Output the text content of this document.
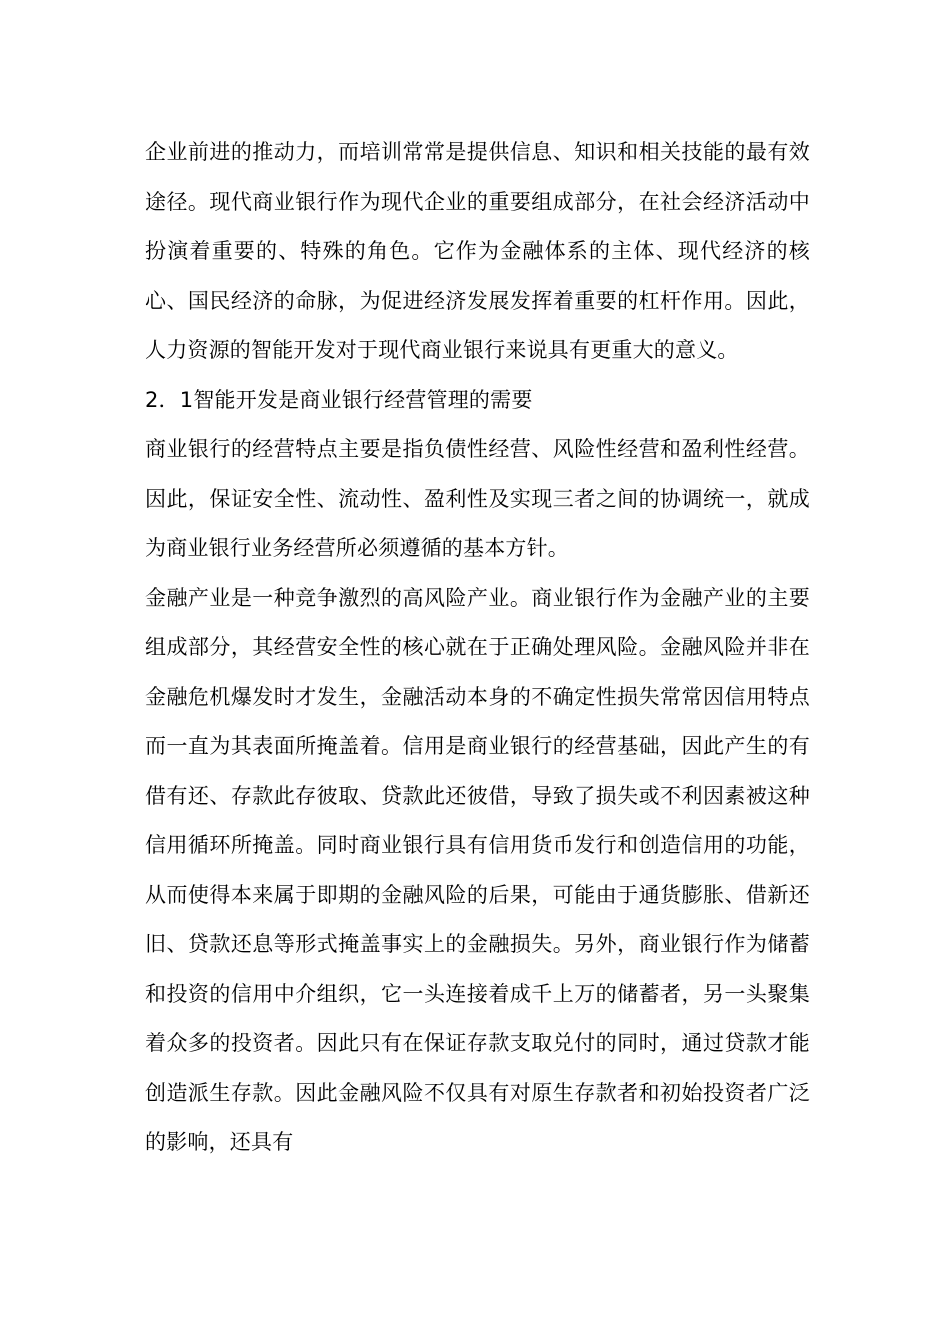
企业前进的推动力，而培训常常是提供信息、知识和相关技能的最有效途径。现代商业银行作为现代企业的重要组成部分，在社会经济活动中扮演着重要的、特殊的角色。它作为金融体系的主体、现代经济的核心、国民经济的命脉，为促进经济发展发挥着重要的杠杆作用。因此，人力资源的智能开发对于现代商业银行来说具有更重大的意义。

2．1智能开发是商业银行经营管理的需要

商业银行的经营特点主要是指负债性经营、风险性经营和盈利性经营。因此，保证安全性、流动性、盈利性及实现三者之间的协调统一，就成为商业银行业务经营所必须遵循的基本方针。

金融产业是一种竞争激烈的高风险产业。商业银行作为金融产业的主要组成部分，其经营安全性的核心就在于正确处理风险。金融风险并非在金融危机爆发时才发生，金融活动本身的不确定性损失常常因信用特点而一直为其表面所掩盖着。信用是商业银行的经营基础，因此产生的有借有还、存款此存彼取、贷款此还彼借，导致了损失或不利因素被这种信用循环所掩盖。同时商业银行具有信用货币发行和创造信用的功能，从而使得本来属于即期的金融风险的后果，可能由于通货膨胀、借新还旧、贷款还息等形式掩盖事实上的金融损失。另外，商业银行作为储蓄和投资的信用中介组织，它一头连接着成千上万的储蓄者，另一头聚集着众多的投资者。因此只有在保证存款支取兑付的同时，通过贷款才能创造派生存款。因此金融风险不仅具有对原生存款者和初始投资者广泛的影响，还具有
